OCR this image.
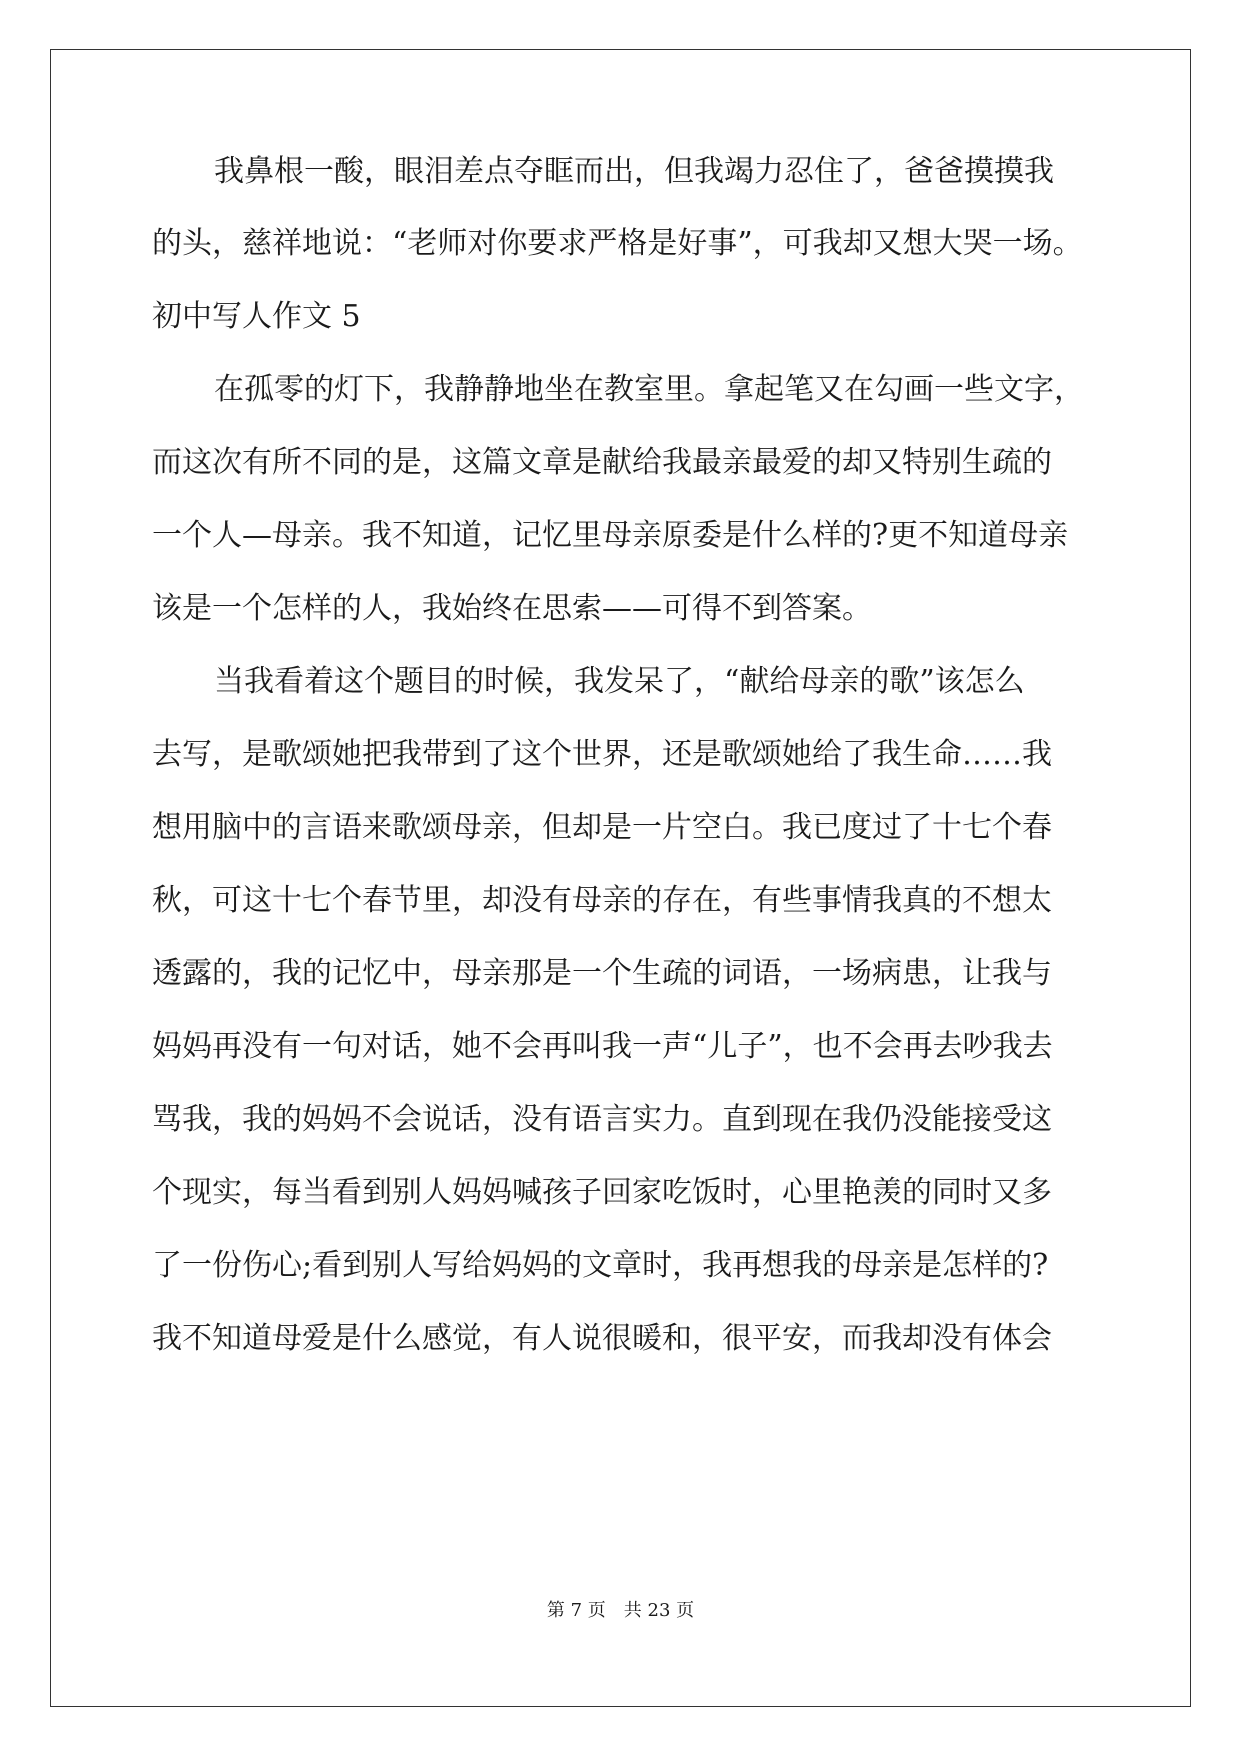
我鼻根一酸，眼泪差点夺眶而出，但我竭力忍住了，爸爸摸摸我
的头，慈祥地说：“老师对你要求严格是好事”，可我却又想大哭一场。
初中写人作文 5
在孤零的灯下，我静静地坐在教室里。拿起笔又在勾画一些文字，
而这次有所不同的是，这篇文章是献给我最亲最爱的却又特别生疏的
一个人—母亲。我不知道，记忆里母亲原委是什么样的?更不知道母亲
该是一个怎样的人，我始终在思索——可得不到答案。
当我看着这个题目的时候，我发呆了，“献给母亲的歌”该怎么
去写，是歌颂她把我带到了这个世界，还是歌颂她给了我生命……我
想用脑中的言语来歌颂母亲，但却是一片空白。我已度过了十七个春
秋，可这十七个春节里，却没有母亲的存在，有些事情我真的不想太
透露的，我的记忆中，母亲那是一个生疏的词语，一场病患，让我与
妈妈再没有一句对话，她不会再叫我一声“儿子”，也不会再去吵我去
骂我，我的妈妈不会说话，没有语言实力。直到现在我仍没能接受这
个现实，每当看到别人妈妈喊孩子回家吃饭时，心里艳羡的同时又多
了一份伤心;看到别人写给妈妈的文章时，我再想我的母亲是怎样的?
我不知道母爱是什么感觉，有人说很暖和，很平安，而我却没有体会
第 7 页　共 23 页
